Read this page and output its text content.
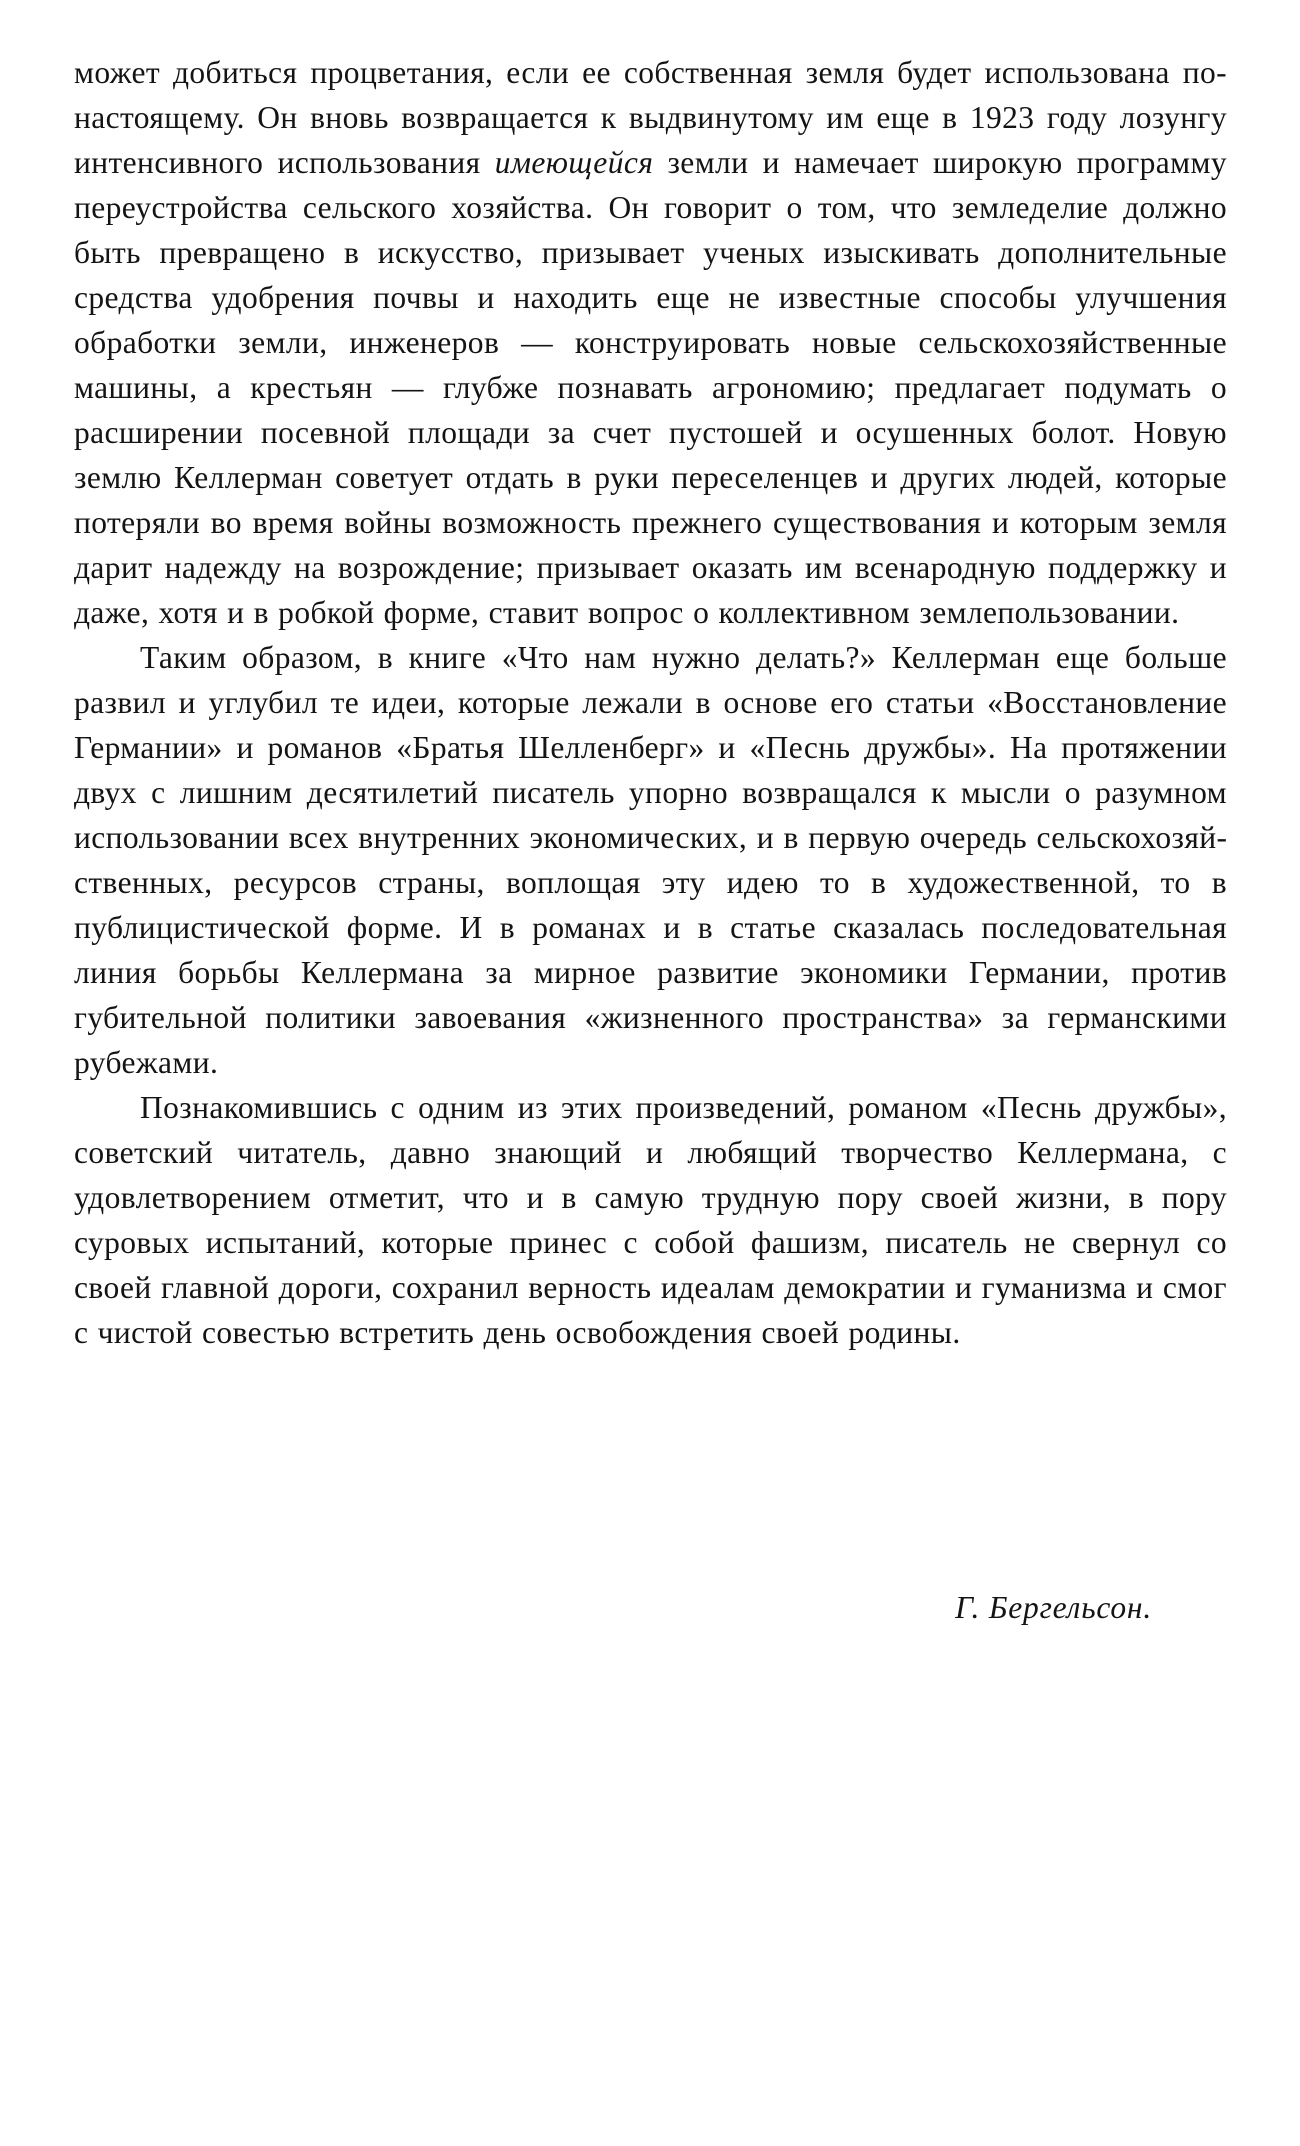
может добиться процветания, если ее собственная земля будет использована по-настоящему. Он вновь возвращается к выдвинутому им еще в 1923 году лозунгу интенсивного использования имеющейся земли и намечает широкую программу переустройства сельского хозяйства. Он говорит о том, что земледелие должно быть превращено в искусство, призывает ученых изыскивать дополнительные средства удобрения почвы и находить еще не известные способы улучшения обработки земли, инженеров — конструировать новые сельскохозяйственные машины, а крестьян — глубже познавать агрономию; предлагает подумать о расширении посевной площади за счет пустошей и осушенных болот. Новую землю Келлерман советует отдать в руки переселенцев и других людей, которые потеряли во время войны возможность прежнего существования и которым земля дарит надежду на возрождение; призывает оказать им всенародную поддержку и даже, хотя и в робкой форме, ставит вопрос о коллективном землепользовании.

Таким образом, в книге «Что нам нужно делать?» Келлерман еще больше развил и углубил те идеи, которые лежали в основе его статьи «Восстановление Германии» и романов «Братья Шелленберг» и «Песнь дружбы». На протяжении двух с лишним десятилетий писатель упорно возвращался к мысли о разумном использовании всех внутренних экономических, и в первую очередь сельскохозяйственных, ресурсов страны, воплощая эту идею то в художественной, то в публицистической форме. И в романах и в статье сказалась последовательная линия борьбы Келлермана за мирное развитие экономики Германии, против губительной политики завоевания «жизненного пространства» за германскими рубежами.

Познакомившись с одним из этих произведений, романом «Песнь дружбы», советский читатель, давно знающий и любящий творчество Келлермана, с удовлетворением отметит, что и в самую трудную пору своей жизни, в пору суровых испытаний, которые принес с собой фашизм, писатель не свернул со своей главной дороги, сохранил верность идеалам демократии и гуманизма и смог с чистой совестью встретить день освобождения своей родины.

Г. Бергельсон.
